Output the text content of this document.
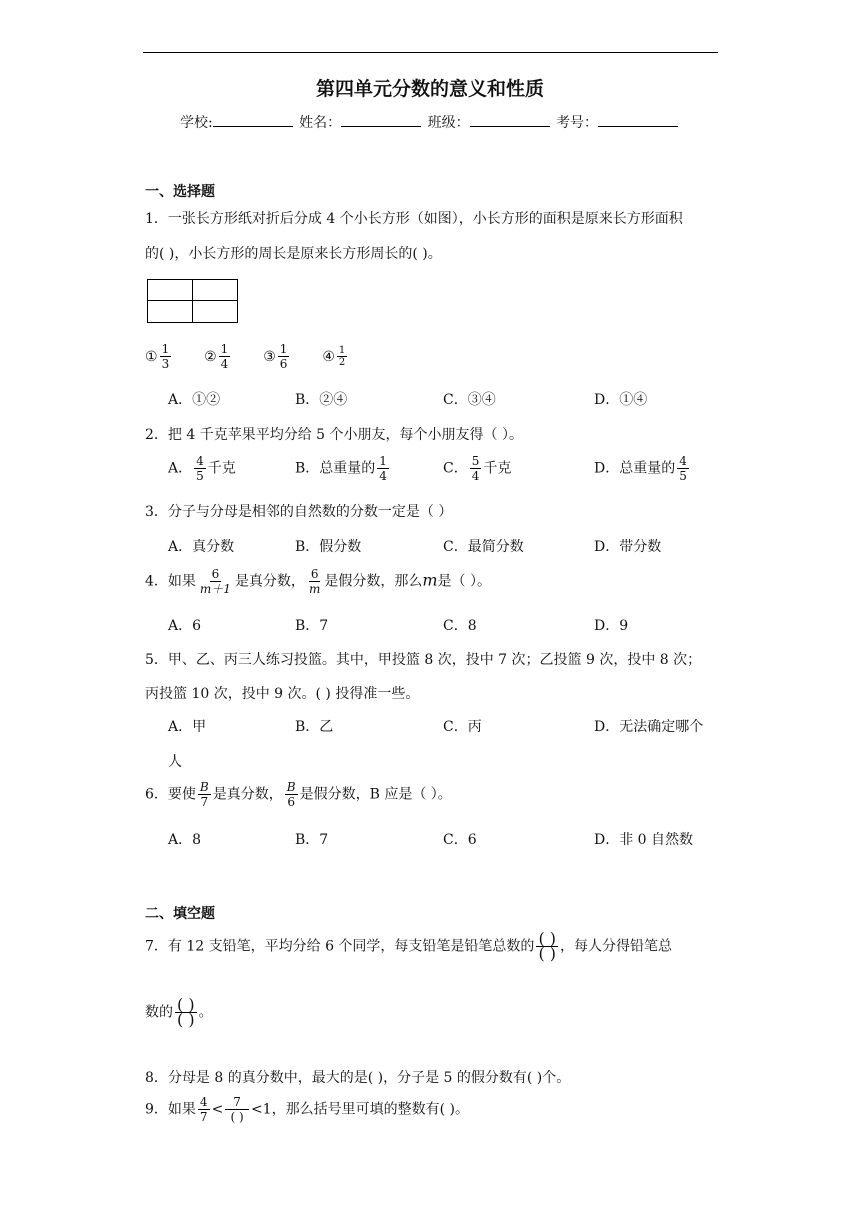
第四单元分数的意义和性质
学校:	姓名：	班级：	考号：
一、选择题
1．一张长方形纸对折后分成 4 个小长方形（如图），小长方形的面积是原来长方形面积
的( )，小长方形的周长是原来长方形周长的( )。
① $\frac{1}{3}$ ② $\frac{1}{4}$ ③ $\frac{1}{6}$ ④ $\frac{1}{2}$
A．①②	B．②④	C．③④	D．①④
2．把 4 千克苹果平均分给 5 个小朋友，每个小朋友得（ ）。
A． $\frac{4}{5}$ 千克	B．总重量的 $\frac{1}{4}$	C． $\frac{5}{4}$ 千克	D．总重量的 $\frac{4}{5}$
3．分子与分母是相邻的自然数的分数一定是（ ）
A．真分数	B．假分数	C．最简分数	D．带分数
4．如果 $\frac{6}{m+1}$ 是真分数， $\frac{6}{m}$ 是假分数，那么m是（ ）。
A．6	B．7	C．8	D．9
5．甲、乙、丙三人练习投篮。其中，甲投篮 8 次，投中 7 次；乙投篮 9 次，投中 8 次；
丙投篮 10 次，投中 9 次。( ) 投得准一些。
A．甲	B．乙	C．丙	D．无法确定哪个
人
6．要使 $\frac{B}{7}$ 是真分数， $\frac{B}{6}$ 是假分数，B 应是（ ）。
A．8	B．7	C．6	D．非 0 自然数
二、填空题
7．有 12 支铅笔，平均分给 6 个同学，每支铅笔是铅笔总数的 $\frac{( )}{( )}$ ，每人分得铅笔总
数的 $\frac{( )}{( )}$ 。
8．分母是 8 的真分数中，最大的是( )，分子是 5 的假分数有( )个。
9．如果 $\frac{4}{7} < \frac{7}{( )} <1$，那么括号里可填的整数有( )。
